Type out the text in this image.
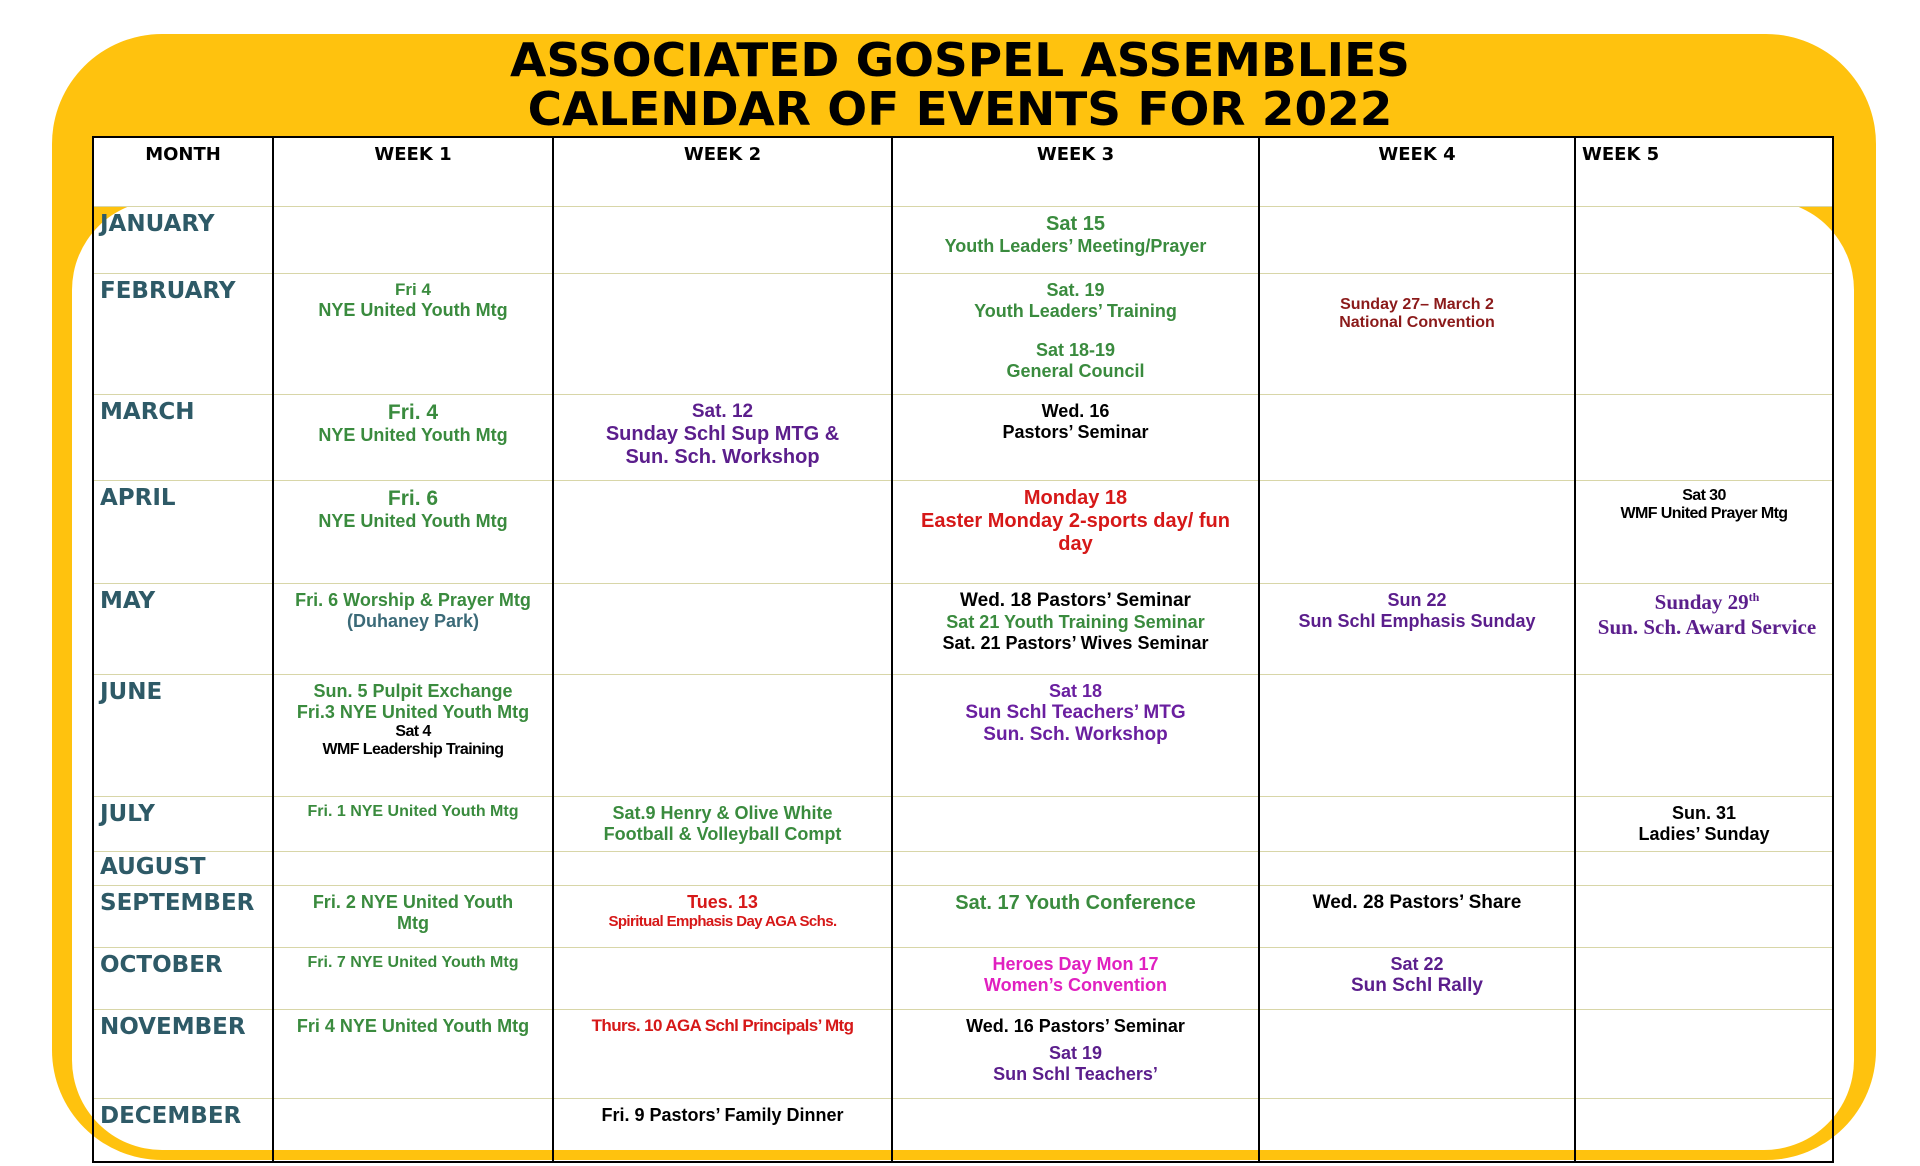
ASSOCIATED GOSPEL ASSEMBLIES
CALENDAR OF EVENTS FOR 2022
MONTH	WEEK 1	WEEK 2	WEEK 3	WEEK 4	WEEK 5
JANUARY			Sat 15
Youth Leaders’ Meeting/Prayer		

FEBRUARY	Fri 4
NYE United Youth Mtg		Sat. 19
Youth Leaders’ Training
Sat 18-19
General Council	Sunday 27– March 2
National Convention	

MARCH	Fri. 4
NYE United Youth Mtg	Sat. 12
Sunday Schl Sup MTG &
Sun. Sch. Workshop	Wed. 16
Pastors’ Seminar		

APRIL	Fri. 6
NYE United Youth Mtg		Monday 18
Easter Monday 2-sports day/ fun
day		Sat 30
WMF United Prayer Mtg

MAY	Fri. 6 Worship & Prayer Mtg
(Duhaney Park)		Wed. 18 Pastors’ Seminar
Sat 21 Youth Training Seminar
Sat. 21 Pastors’ Wives Seminar	Sun 22
Sun Schl Emphasis Sunday	Sunday 29th
Sun. Sch. Award Service

JUNE	Sun. 5 Pulpit Exchange
Fri.3 NYE United Youth Mtg
Sat 4
WMF Leadership Training		Sat 18
Sun Schl Teachers’ MTG
Sun. Sch. Workshop		

JULY	Fri. 1 NYE United Youth Mtg	Sat.9 Henry & Olive White
Football & Volleyball Compt			Sun. 31
Ladies’ Sunday

AUGUST					
SEPTEMBER	Fri. 2 NYE United Youth
Mtg	Tues. 13
Spiritual Emphasis Day AGA Schs.	Sat. 17 Youth Conference	Wed. 28 Pastors’ Share	

OCTOBER	Fri. 7 NYE United Youth Mtg		Heroes Day Mon 17
Women’s Convention	Sat 22
Sun Schl Rally	

NOVEMBER	Fri 4 NYE United Youth Mtg	Thurs. 10 AGA Schl Principals’ Mtg	Wed. 16 Pastors’ Seminar
Sat 19
Sun Schl Teachers’		

DECEMBER		Fri. 9 Pastors’ Family Dinner			
